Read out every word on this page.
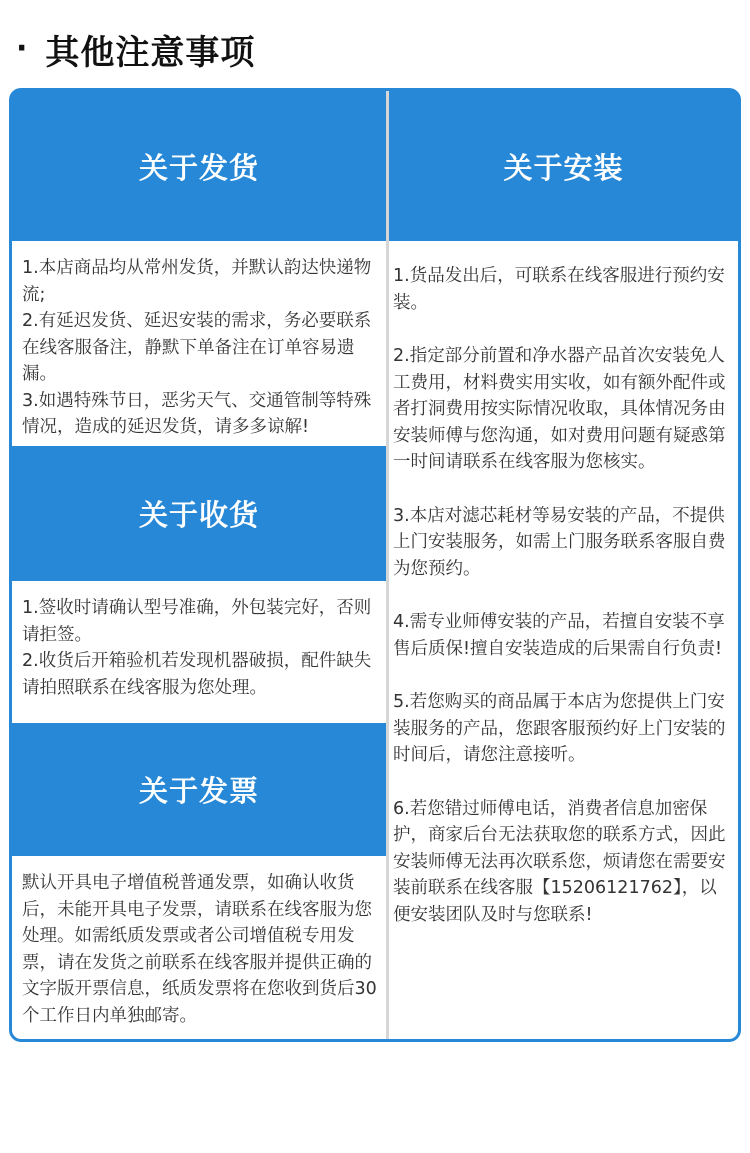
· 其他注意事项
关于发货

1.本店商品均从常州发货，并默认韵达快递物流;

2.有延迟发货、延迟安装的需求，务必要联系在线客服备注，静默下单备注在订单容易遗漏。

3.如遇特殊节日，恶劣天气、交通管制等特殊情况，造成的延迟发货，请多多谅解!

关于收货

1.签收时请确认型号准确，外包装完好，否则请拒签。

2.收货后开箱验机若发现机器破损，配件缺失请拍照联系在线客服为您处理。

关于发票

默认开具电子增值税普通发票，如确认收货后，未能开具电子发票，请联系在线客服为您处理。如需纸质发票或者公司增值税专用发票，请在发货之前联系在线客服并提供正确的文字版开票信息，纸质发票将在您收到货后30个工作日内单独邮寄。

关于安装

1.货品发出后，可联系在线客服进行预约安装。

2.指定部分前置和净水器产品首次安装免人工费用，材料费实用实收，如有额外配件或者打洞费用按实际情况收取，具体情况务由安装师傅与您沟通，如对费用问题有疑惑第一时间请联系在线客服为您核实。

3.本店对滤芯耗材等易安装的产品，不提供上门安装服务，如需上门服务联系客服自费为您预约。

4.需专业师傅安装的产品，若擅自安装不享售后质保!擅自安装造成的后果需自行负责!

5.若您购买的商品属于本店为您提供上门安装服务的产品，您跟客服预约好上门安装的时间后，请您注意接听。

6.若您错过师傅电话，消费者信息加密保护，商家后台无法获取您的联系方式，因此安装师傅无法再次联系您，烦请您在需要安装前联系在线客服【15206121762】，以便安装团队及时与您联系!
